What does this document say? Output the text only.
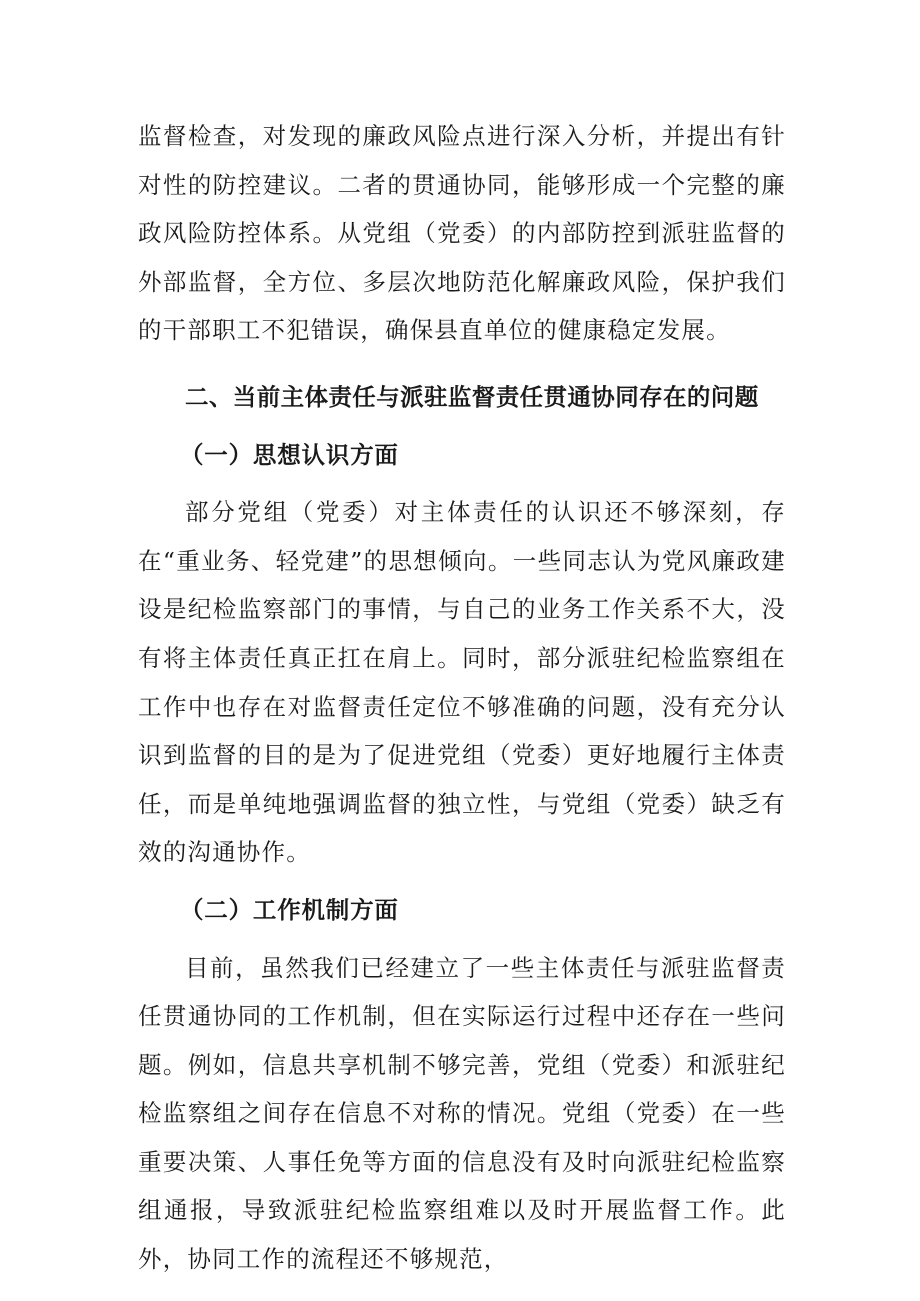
监督检查，对发现的廉政风险点进行深入分析，并提出有针对性的防控建议。二者的贯通协同，能够形成一个完整的廉政风险防控体系。从党组（党委）的内部防控到派驻监督的外部监督，全方位、多层次地防范化解廉政风险，保护我们的干部职工不犯错误，确保县直单位的健康稳定发展。

二、当前主体责任与派驻监督责任贯通协同存在的问题

（一）思想认识方面

部分党组（党委）对主体责任的认识还不够深刻，存在“重业务、轻党建”的思想倾向。一些同志认为党风廉政建设是纪检监察部门的事情，与自己的业务工作关系不大，没有将主体责任真正扛在肩上。同时，部分派驻纪检监察组在工作中也存在对监督责任定位不够准确的问题，没有充分认识到监督的目的是为了促进党组（党委）更好地履行主体责任，而是单纯地强调监督的独立性，与党组（党委）缺乏有效的沟通协作。

（二）工作机制方面

目前，虽然我们已经建立了一些主体责任与派驻监督责任贯通协同的工作机制，但在实际运行过程中还存在一些问题。例如，信息共享机制不够完善，党组（党委）和派驻纪检监察组之间存在信息不对称的情况。党组（党委）在一些重要决策、人事任免等方面的信息没有及时向派驻纪检监察组通报，导致派驻纪检监察组难以及时开展监督工作。此外，协同工作的流程还不够规范，
